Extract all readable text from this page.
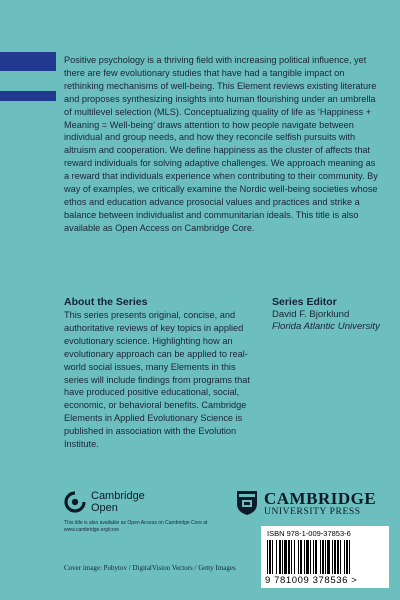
Positive psychology is a thriving field with increasing political influence, yet there are few evolutionary studies that have had a tangible impact on rethinking mechanisms of well-being. This Element reviews existing literature and proposes synthesizing insights into human flourishing under an umbrella of multilevel selection (MLS). Conceptualizing quality of life as ‘Happiness + Meaning = Well-being’ draws attention to how people navigate between individual and group needs, and how they reconcile selfish pursuits with altruism and cooperation. We define happiness as the cluster of affects that reward individuals for solving adaptive challenges. We approach meaning as a reward that individuals experience when contributing to their community. By way of examples, we critically examine the Nordic well-being societies whose ethos and education advance prosocial values and practices and strike a balance between individualist and communitarian ideals. This title is also available as Open Access on Cambridge Core.

About the Series

This series presents original, concise, and authoritative reviews of key topics in applied evolutionary science. Highlighting how an evolutionary approach can be applied to real-world social issues, many Elements in this series will include findings from programs that have produced positive educational, social, economic, or behavioral benefits. Cambridge Elements in Applied Evolutionary Science is published in association with the Evolution Institute.

Series Editor

David F. Bjorklund

Florida Atlantic University

Cambridge
Open
This title is also available as Open Access on Cambridge Core at www.cambridge.org/core
CAMBRIDGE
UNIVERSITY PRESS

ISBN 978-1-009-37853-6

9 781009 378536 >

Cover image: Pobytov / DigitalVision Vectors / Getty Images
